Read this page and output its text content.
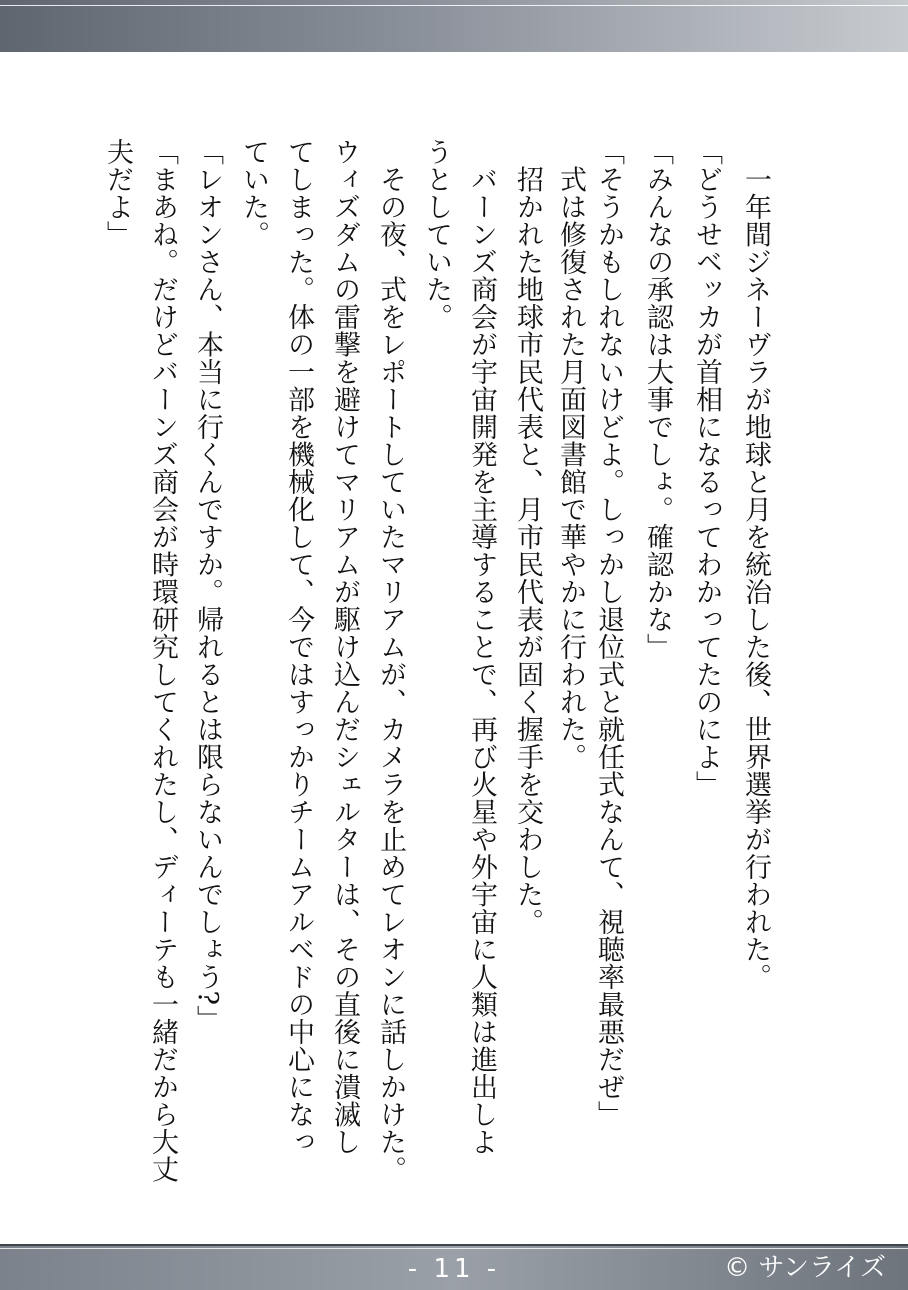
　一年間ジネーヴラが地球と月を統治した後、世界選挙が行われた。
「どうせベッカが首相になるってわかってたのによ」
「みんなの承認は大事でしょ。確認かな」
「そうかもしれないけどよ。しっかし退位式と就任式なんて、視聴率最悪だぜ」
　式は修復された月面図書館で華やかに行われた。
　招かれた地球市民代表と、月市民代表が固く握手を交わした。
　バーンズ商会が宇宙開発を主導することで、再び火星や外宇宙に人類は進出しよ
うとしていた。
　その夜、式をレポートしていたマリアムが、カメラを止めてレオンに話しかけた。
ウィズダムの雷撃を避けてマリアムが駆け込んだシェルターは、その直後に潰滅し
てしまった。体の一部を機械化して、今ではすっかりチームアルベドの中心になっ
ていた。
「レオンさん、本当に行くんですか。帰れるとは限らないんでしょう?」
「まあね。だけどバーンズ商会が時環研究してくれたし、ディーテも一緒だから大丈
夫だよ」
- 11 -	© サンライズ
